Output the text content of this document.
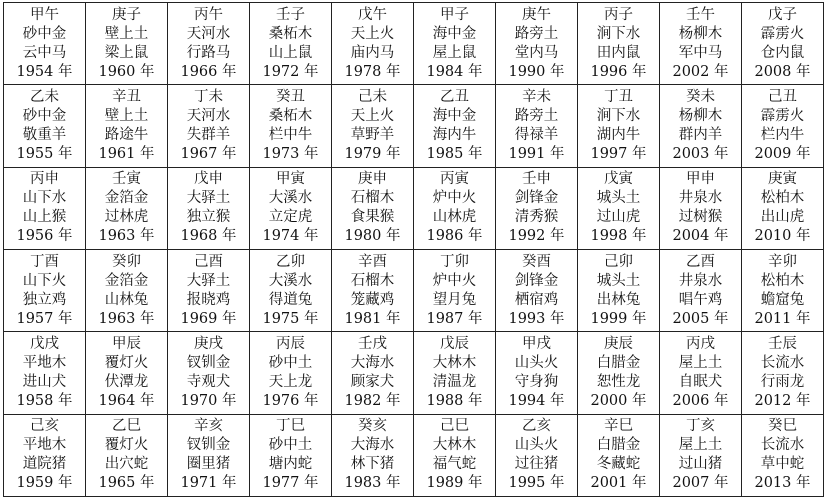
甲午
砂中金
云中马
1954 年	庚子
壁上土
梁上鼠
1960 年	丙午
天河水
行路马
1966 年	壬子
桑柘木
山上鼠
1972 年	戊午
天上火
庙内马
1978 年	甲子
海中金
屋上鼠
1984 年	庚午
路旁土
堂内马
1990 年	丙子
涧下水
田内鼠
1996 年	壬午
杨柳木
军中马
2002 年	戊子
霹雳火
仓内鼠
2008 年

乙未
砂中金
敬重羊
1955 年	辛丑
壁上土
路途牛
1961 年	丁未
天河水
失群羊
1967 年	癸丑
桑柘木
栏中牛
1973 年	己未
天上火
草野羊
1979 年	乙丑
海中金
海内牛
1985 年	辛未
路旁土
得禄羊
1991 年	丁丑
涧下水
湖内牛
1997 年	癸未
杨柳木
群内羊
2003 年	己丑
霹雳火
栏内牛
2009 年

丙申
山下水
山上猴
1956 年	壬寅
金箔金
过林虎
1963 年	戊申
大驿土
独立猴
1968 年	甲寅
大溪水
立定虎
1974 年	庚申
石榴木
食果猴
1980 年	丙寅
炉中火
山林虎
1986 年	壬申
剑锋金
清秀猴
1992 年	戊寅
城头土
过山虎
1998 年	甲申
井泉水
过树猴
2004 年	庚寅
松柏木
出山虎
2010 年

丁酉
山下火
独立鸡
1957 年	癸卯
金箔金
山林兔
1963 年	己酉
大驿土
报晓鸡
1969 年	乙卯
大溪水
得道兔
1975 年	辛酉
石榴木
笼藏鸡
1981 年	丁卯
炉中火
望月兔
1987 年	癸酉
剑锋金
栖宿鸡
1993 年	己卯
城头土
出林兔
1999 年	乙酉
井泉水
唱午鸡
2005 年	辛卯
松柏木
蟾窟兔
2011 年

戊戌
平地木
进山犬
1958 年	甲辰
覆灯火
伏潭龙
1964 年	庚戌
钗钏金
寺观犬
1970 年	丙辰
砂中土
天上龙
1976 年	壬戌
大海水
顾家犬
1982 年	戊辰
大林木
清温龙
1988 年	甲戌
山头火
守身狗
1994 年	庚辰
白腊金
恕性龙
2000 年	丙戌
屋上土
自眠犬
2006 年	壬辰
长流水
行雨龙
2012 年

己亥
平地木
道院猪
1959 年	乙巳
覆灯火
出穴蛇
1965 年	辛亥
钗钏金
圈里猪
1971 年	丁巳
砂中土
塘内蛇
1977 年	癸亥
大海水
林下猪
1983 年	己巳
大林木
福气蛇
1989 年	乙亥
山头火
过往猪
1995 年	辛巳
白腊金
冬藏蛇
2001 年	丁亥
屋上土
过山猪
2007 年	癸巳
长流水
草中蛇
2013 年
